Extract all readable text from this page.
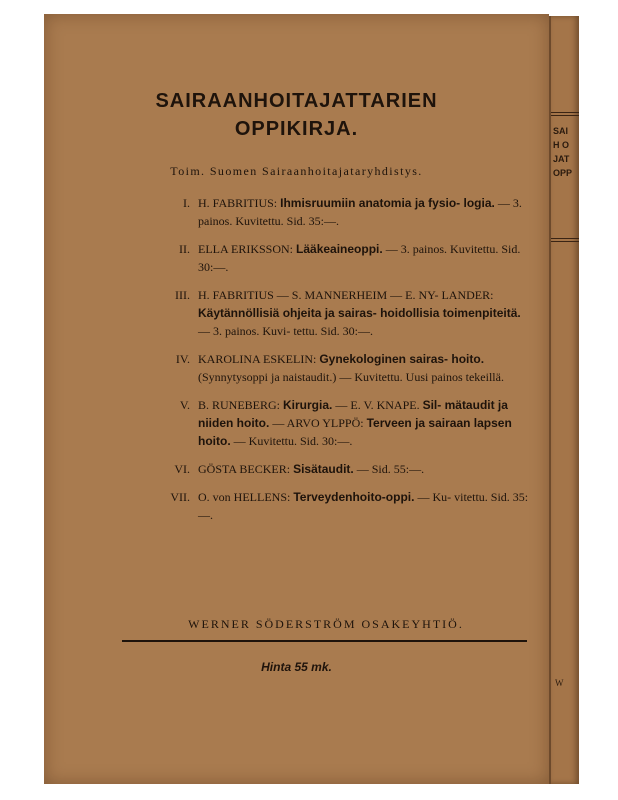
SAIRAANHOITAJATTARIEN
OPPIKIRJA.
Toim. Suomen Sairaanhoitajataryhdistys.
I. H. FABRITIUS: Ihmisruumiin anatomia ja fysio- logia. — 3. painos. Kuvitettu. Sid. 35:—.
II. ELLA ERIKSSON: Lääkeaineoppi. — 3. painos. Kuvitettu. Sid. 30:—.
III. H. FABRITIUS — S. MANNERHEIM — E. NY- LANDER: Käytännöllisiä ohjeita ja sairas- hoidollisia toimenpiteitä. — 3. painos. Kuvi- tettu. Sid. 30:—.
IV. KAROLINA ESKELIN: Gynekologinen sairas- hoito. (Synnytysoppi ja naistaudit.) — Kuvitettu. Uusi painos tekeillä.
V. B. RUNEBERG: Kirurgia. — E. V. KNAPE. Sil- mätaudit ja niiden hoito. — ARVO YLPPÖ: Terveen ja sairaan lapsen hoito. — Kuvitettu. Sid. 30:—.
VI. GÖSTA BECKER: Sisätaudit. — Sid. 55:—.
VII. O. von HELLENS: Terveydenhoito-oppi. — Ku- vitettu. Sid. 35:—.
WERNER SÖDERSTRÖM OSAKEYHTIÖ.
Hinta 55 mk.
SAI
H O
JAT
OPP
W
